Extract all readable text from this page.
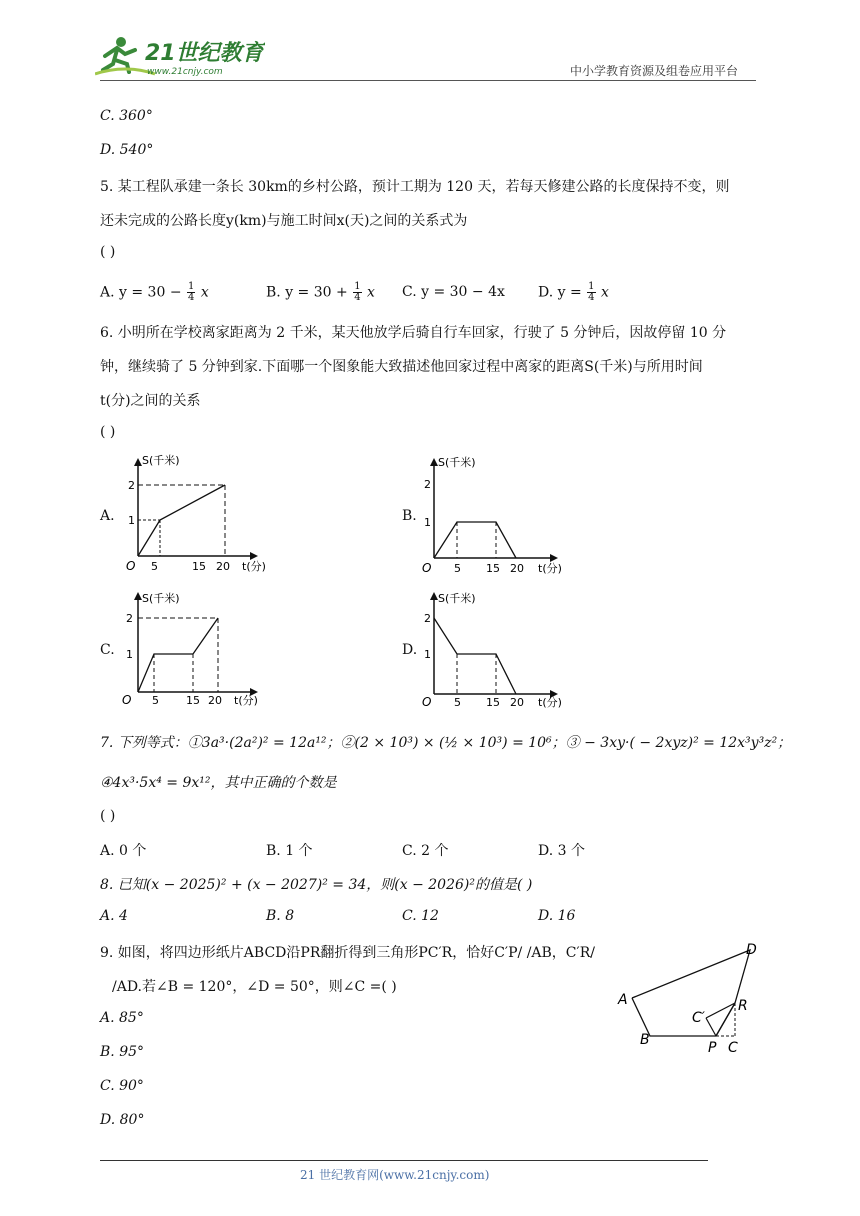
21世纪教育
www.21cnjy.com	中小学教育资源及组卷应用平台
C. 360°
D. 540°
5. 某工程队承建一条长 30km的乡村公路，预计工期为 120 天，若每天修建公路的长度保持不变，则
还未完成的公路长度y(km)与施工时间x(天)之间的关系式为
( )
A. $y = 30 - \frac{1}{4}$ x	B. $y = 30 + \frac{1}{4}$ x C. y = 30 − 4x D. $y = \frac{1}{4}$ x
6. 小明所在学校离家距离为 2 千米，某天他放学后骑自行车回家，行驶了 5 分钟后，因故停留 10 分
钟，继续骑了 5 分钟到家.下面哪一个图象能大致描述他回家过程中离家的距离S(千米)与所用时间
t(分)之间的关系
( )
A.	B.
C.	D.
S(千米)
t(分)
O
1
2
5	15 20
S(千米)
t(分)
O
1
2
5 15 20
S(千米)
t(分)
O
1
2
5 15 20
S(千米)
t(分)
O
1
2
5 15 20
7. 下列等式：①3a³·(2a²)² = 12a¹²；②(2 × 10³) × (½ × 10³) = 10⁶；③ − 3xy·( − 2xyz)² = 12x³y³z²；
④4x³·5x⁴ = 9x¹²，其中正确的个数是
( )
A. 0 个	B. 1 个	C. 2 个	D. 3 个
8. 已知(x − 2025)² + (x − 2027)² = 34，则(x − 2026)²的值是( )
A. 4	B. 8	C. 12	D. 16
9. 如图，将四边形纸片ABCD沿PR翻折得到三角形PC′R，恰好C′P/ /AB，C′R/
/AD.若∠B = 120°，∠D = 50°，则∠C =( )
A. 85°
B. 95°
C. 90°
D. 80°
A
B	C
D
P
R
C′
21 世纪教育网(www.21cnjy.com)
